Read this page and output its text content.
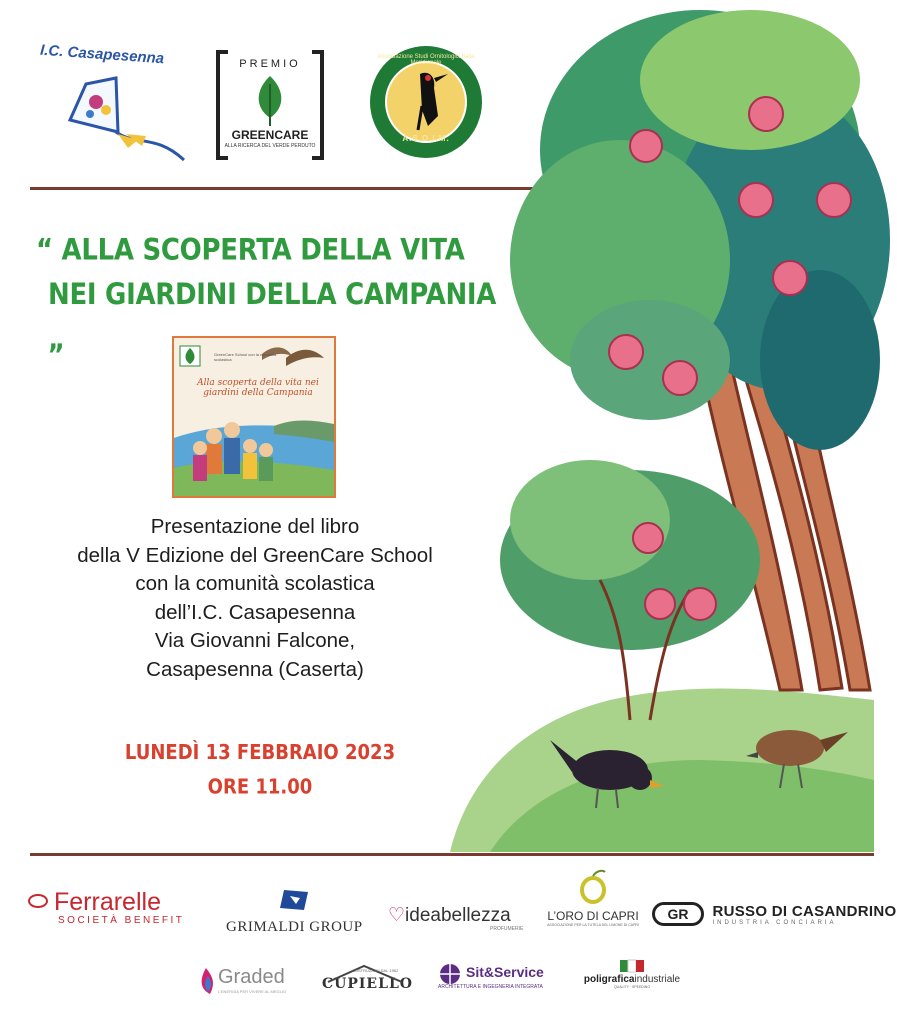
I.C. Casapesenna	PREMIO
GREENCARE
ALLA RICERCA DEL VERDE PERDUTO
Associazione Studi Ornitologici Italia Meridionale
A.S.O.I.M.
“ ALLA SCOPERTA DELLA VITA
NEI GIARDINI DELLA CAMPANIA „	GreenCare School con la comunità scolastica
Alla scoperta della vita nei giardini della Campania
Presentazione del libro
della V Edizione del GreenCare School
con la comunità scolastica
dell’I.C. Casapesenna
Via Giovanni Falcone,
Casapesenna (Caserta)
LUNEDÌ 13 FEBBRAIO 2023
ORE 11.00
Ferrarelle
SOCIETÀ BENEFIT	GRIMALDI GROUP
♡ideabellezza
PROFUMERIE
L’ORO DI CAPRI
ASSOCIAZIONE PER LA TUTELA DEL LIMONE DI CAPRI
GR RUSSO DI CASANDRINO
INDUSTRIA CONCIARIA
Graded
L’ENERGIA PER VIVERE AL MEGLIO
COSTRUZIONI DAL 1962
CUPIELLO
Sit&Service
ARCHITETTURA E INGEGNERIA INTEGRATA
poligraficaindustriale
QUALITY · SPEEDING
